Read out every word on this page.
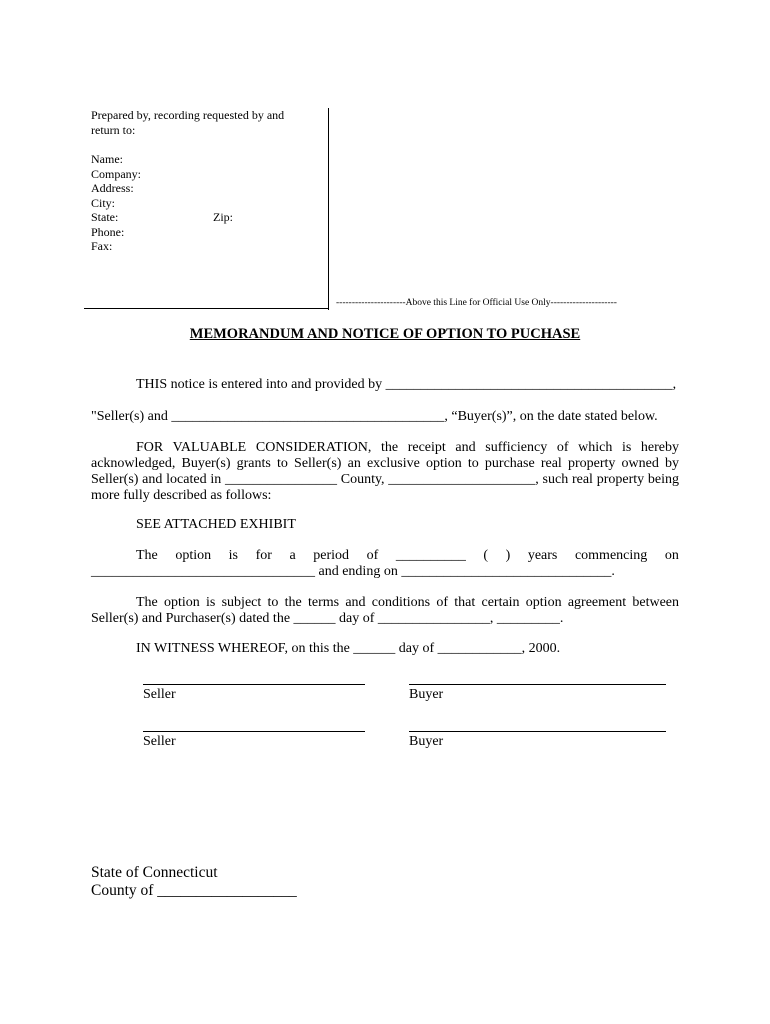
Prepared by, recording requested by and
return to:
Name:
Company:
Address:
City:
State:	Zip:
Phone:
Fax:
----------------------Above this Line for Official Use Only---------------------
MEMORANDUM AND NOTICE OF OPTION TO PUCHASE
THIS notice is entered into and provided by _________________________________________,
"Seller(s) and _______________________________________, “Buyer(s)”, on the date stated below.
FOR VALUABLE CONSIDERATION, the receipt and sufficiency of which is hereby
acknowledged, Buyer(s) grants to Seller(s) an exclusive option to purchase real property owned by
Seller(s) and located in ________________ County, _____________________, such real property being
more fully described as follows:
SEE ATTACHED EXHIBIT
The option is for a period of __________ ( ) years commencing on
________________________________ and ending on ______________________________.
The option is subject to the terms and conditions of that certain option agreement between
Seller(s) and Purchaser(s) dated the ______ day of ________________, _________.
IN WITNESS WHEREOF, on this the ______ day of ____________, 2000.
Seller	Buyer
Seller	Buyer
State of Connecticut
County of __________________
